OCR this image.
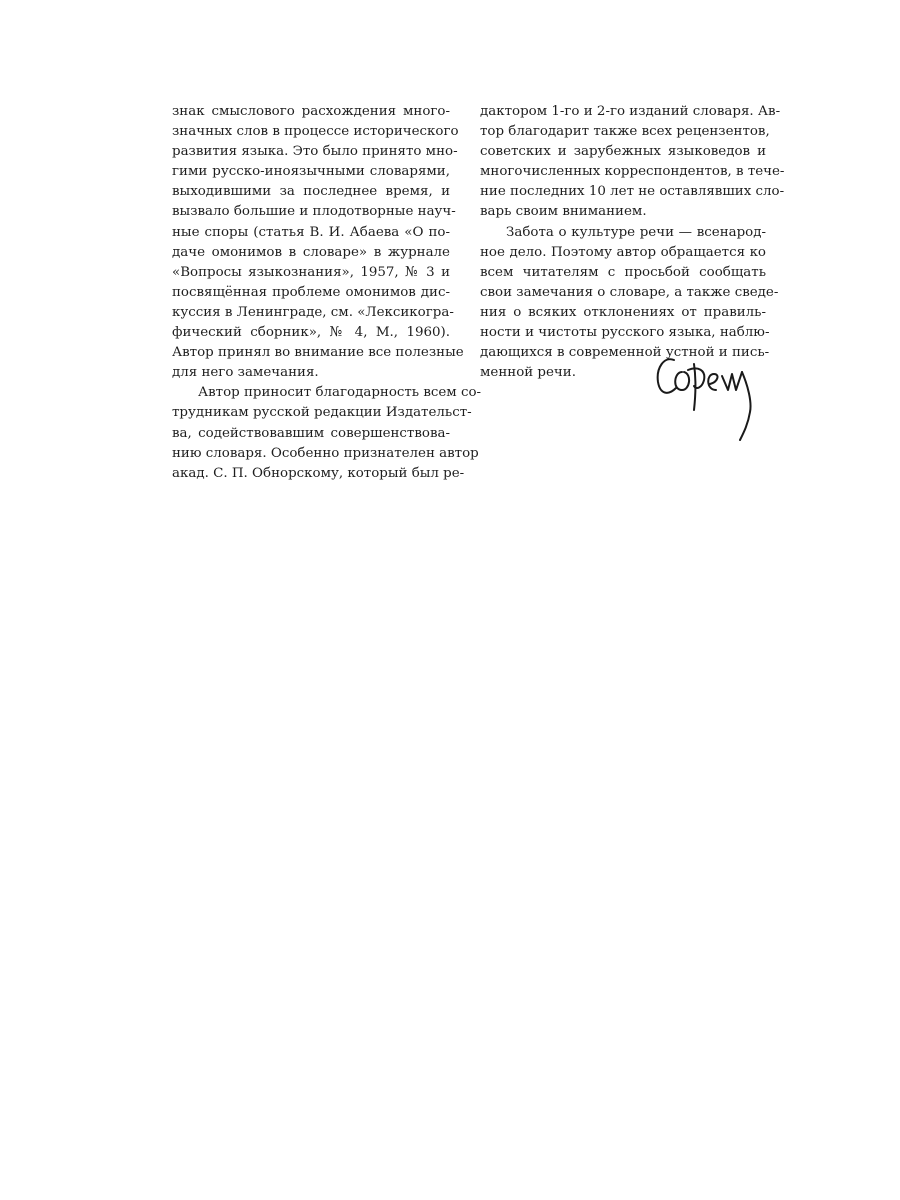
знак смыслового расхождения много-
значных слов в процессе исторического
развития языка. Это было принято мно-
гими русско-иноязычными словарями,
выходившими за последнее время, и
вызвало большие и плодотворные науч-
ные споры (статья В. И. Абаева «О по-
даче омонимов в словаре» в журнале
«Вопросы языкознания», 1957, № 3 и
посвящённая проблеме омонимов дис-
куссия в Ленинграде, см. «Лексикогра-
фический сборник», № 4, М., 1960).
Автор принял во внимание все полезные
для него замечания.
Автор приносит благодарность всем со-
трудникам русской редакции Издательст-
ва, содействовавшим совершенствова-
нию словаря. Особенно признателен автор
акад. С. П. Обнорскому, который был ре-
дактором 1-го и 2-го изданий словаря. Ав-
тор благодарит также всех рецензентов,
советских и зарубежных языковедов и
многочисленных корреспондентов, в тече-
ние последних 10 лет не оставлявших сло-
варь своим вниманием.
Забота о культуре речи — всенарод-
ное дело. Поэтому автор обращается ко
всем читателям с просьбой сообщать
свои замечания о словаре, а также сведе-
ния о всяких отклонениях от правиль-
ности и чистоты русского языка, наблю-
дающихся в современной устной и пись-
менной речи.
